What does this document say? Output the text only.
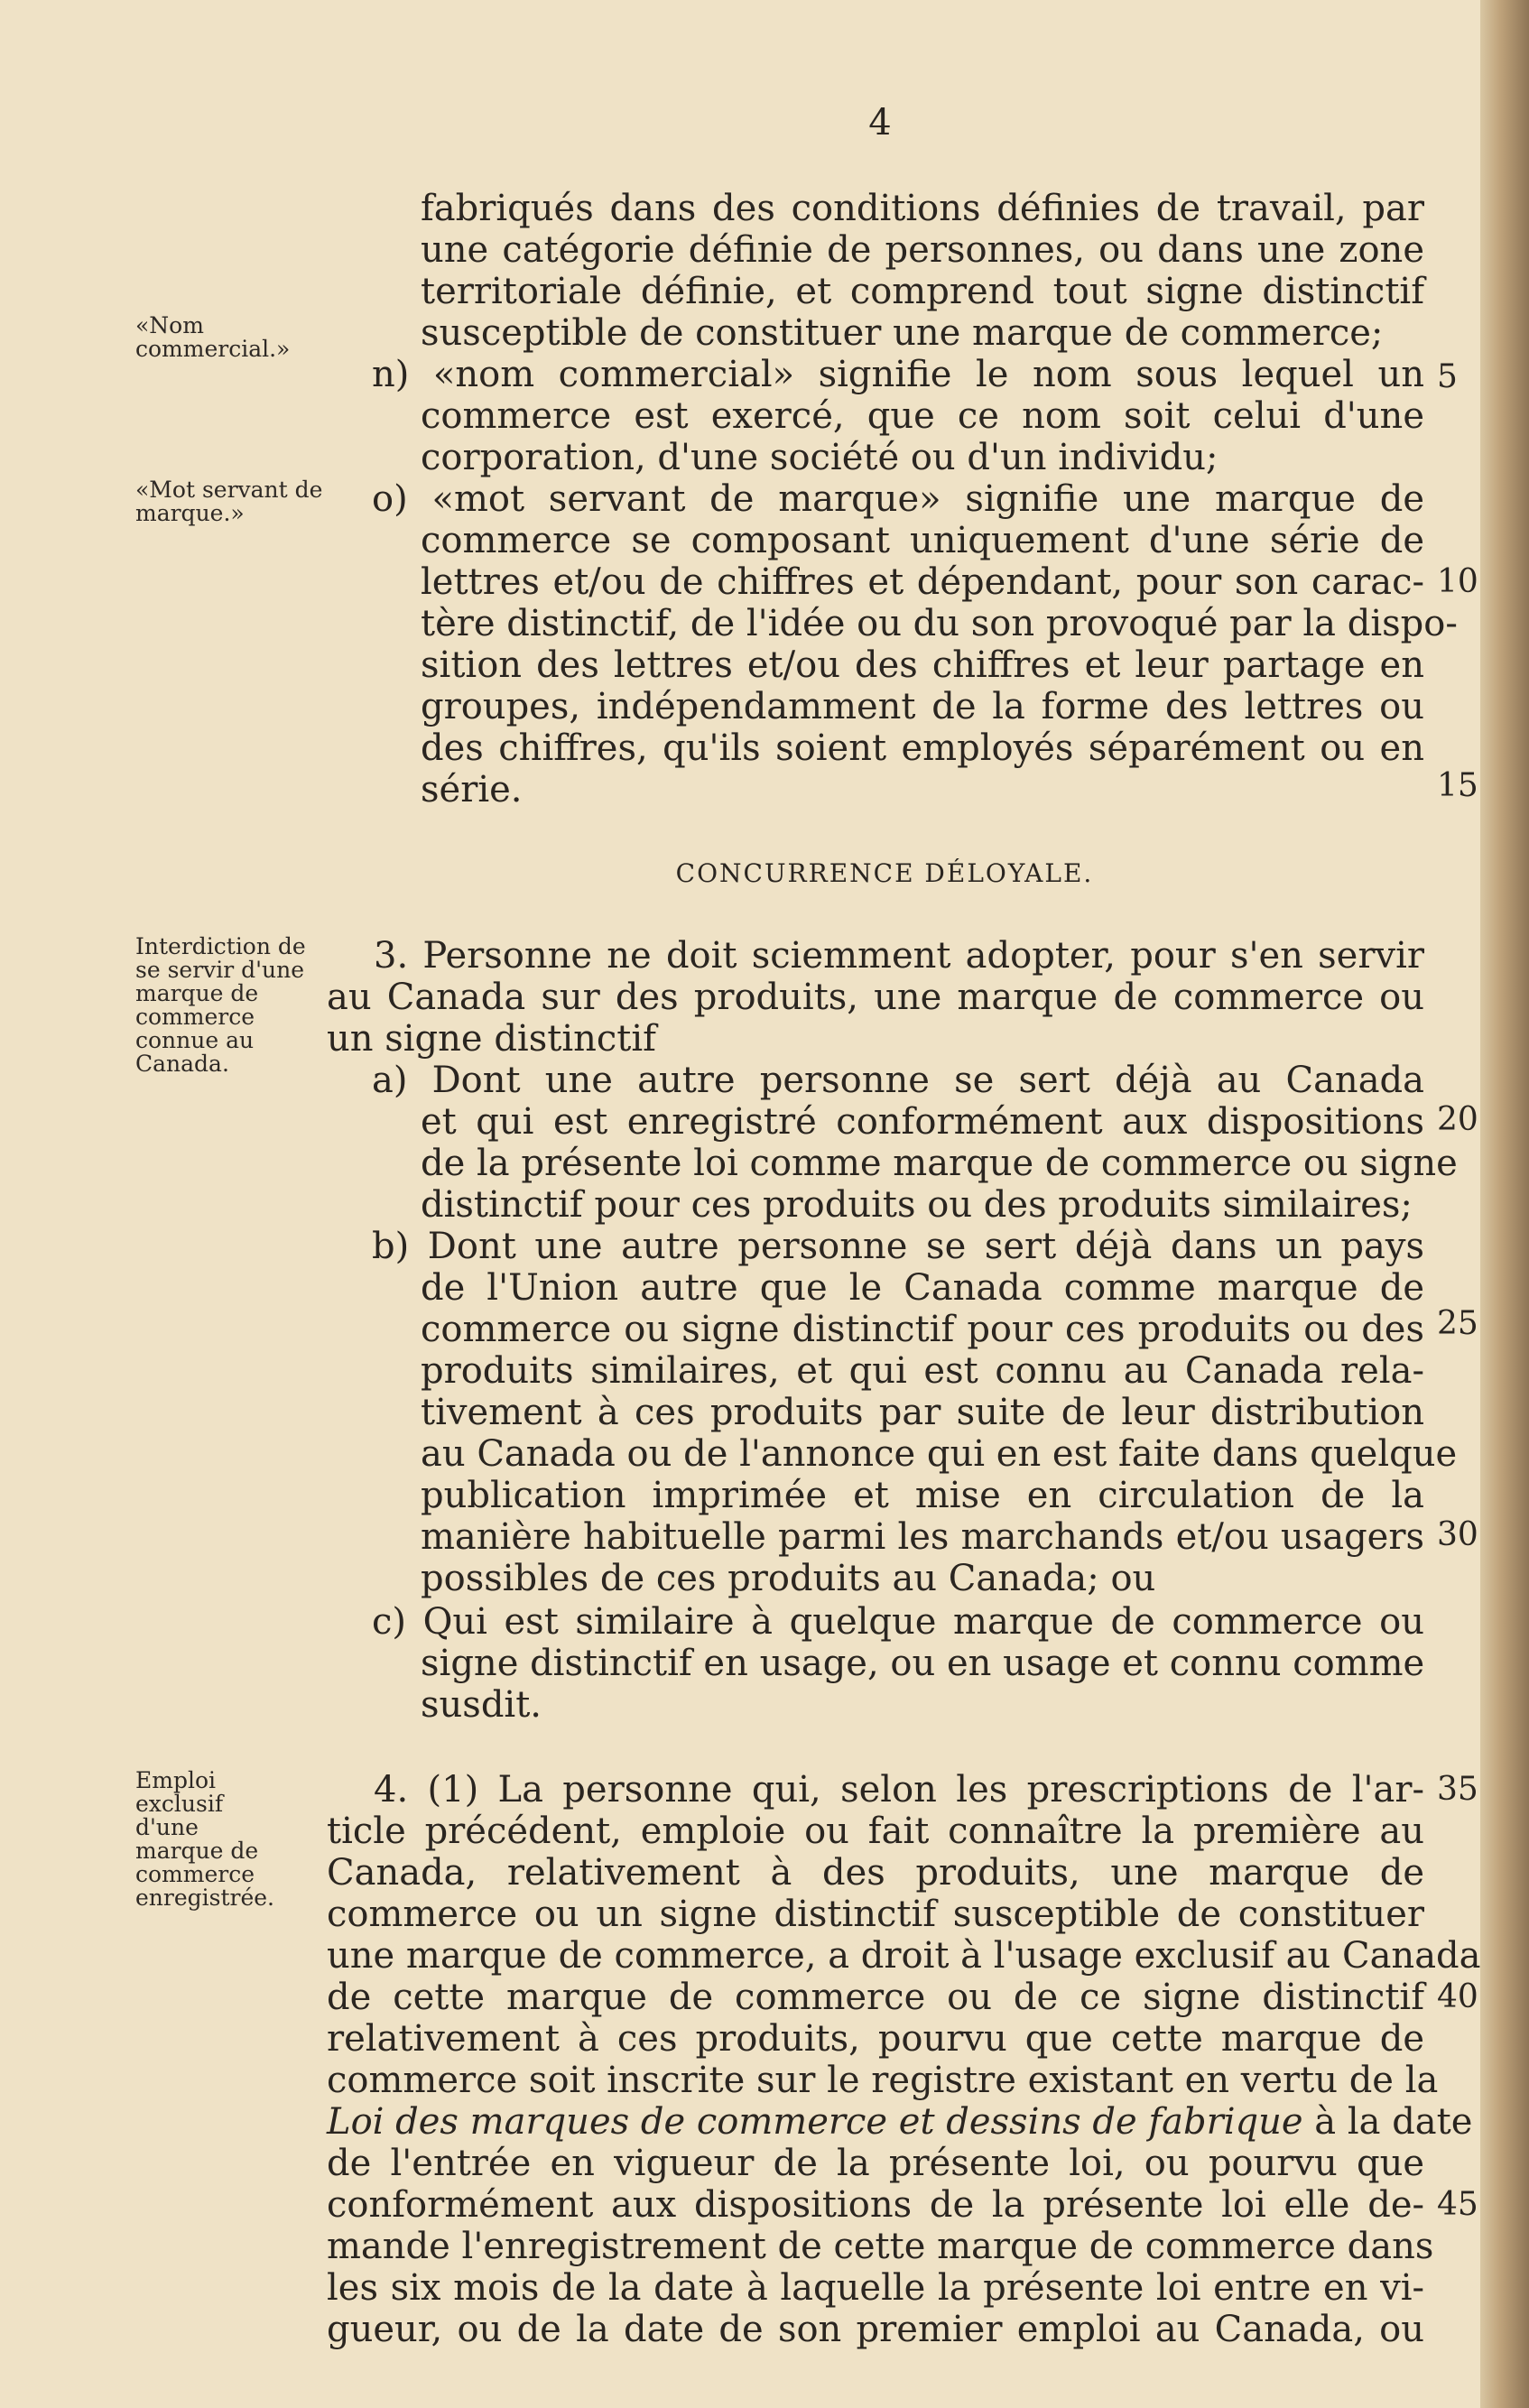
4
«Nom commercial.»
«Mot servant de marque.»
Interdiction de se servir d'une marque de commerce connue au Canada.
Emploi exclusif d'une marque de commerce enregistrée.
5
10
15
20
25
30
35
40
45
fabriqués dans des conditions définies de travail, par
une catégorie définie de personnes, ou dans une zone
territoriale définie, et comprend tout signe distinctif
susceptible de constituer une marque de commerce;
n) «nom commercial» signifie le nom sous lequel un
commerce est exercé, que ce nom soit celui d'une
corporation, d'une société ou d'un individu;
o) «mot servant de marque» signifie une marque de
commerce se composant uniquement d'une série de
lettres et/ou de chiffres et dépendant, pour son carac-
tère distinctif, de l'idée ou du son provoqué par la dispo-
sition des lettres et/ou des chiffres et leur partage en
groupes, indépendamment de la forme des lettres ou
des chiffres, qu'ils soient employés séparément ou en
série.
CONCURRENCE DÉLOYALE.
3. Personne ne doit sciemment adopter, pour s'en servir
au Canada sur des produits, une marque de commerce ou
un signe distinctif
a) Dont une autre personne se sert déjà au Canada
et qui est enregistré conformément aux dispositions
de la présente loi comme marque de commerce ou signe
distinctif pour ces produits ou des produits similaires;
b) Dont une autre personne se sert déjà dans un pays
de l'Union autre que le Canada comme marque de
commerce ou signe distinctif pour ces produits ou des
produits similaires, et qui est connu au Canada rela-
tivement à ces produits par suite de leur distribution
au Canada ou de l'annonce qui en est faite dans quelque
publication imprimée et mise en circulation de la
manière habituelle parmi les marchands et/ou usagers
possibles de ces produits au Canada; ou
c) Qui est similaire à quelque marque de commerce ou
signe distinctif en usage, ou en usage et connu comme
susdit.
4. (1) La personne qui, selon les prescriptions de l'ar-
ticle précédent, emploie ou fait connaître la première au
Canada, relativement à des produits, une marque de
commerce ou un signe distinctif susceptible de constituer
une marque de commerce, a droit à l'usage exclusif au Canada
de cette marque de commerce ou de ce signe distinctif
relativement à ces produits, pourvu que cette marque de
commerce soit inscrite sur le registre existant en vertu de la
Loi des marques de commerce et dessins de fabrique à la date
de l'entrée en vigueur de la présente loi, ou pourvu que
conformément aux dispositions de la présente loi elle de-
mande l'enregistrement de cette marque de commerce dans
les six mois de la date à laquelle la présente loi entre en vi-
gueur, ou de la date de son premier emploi au Canada, ou
